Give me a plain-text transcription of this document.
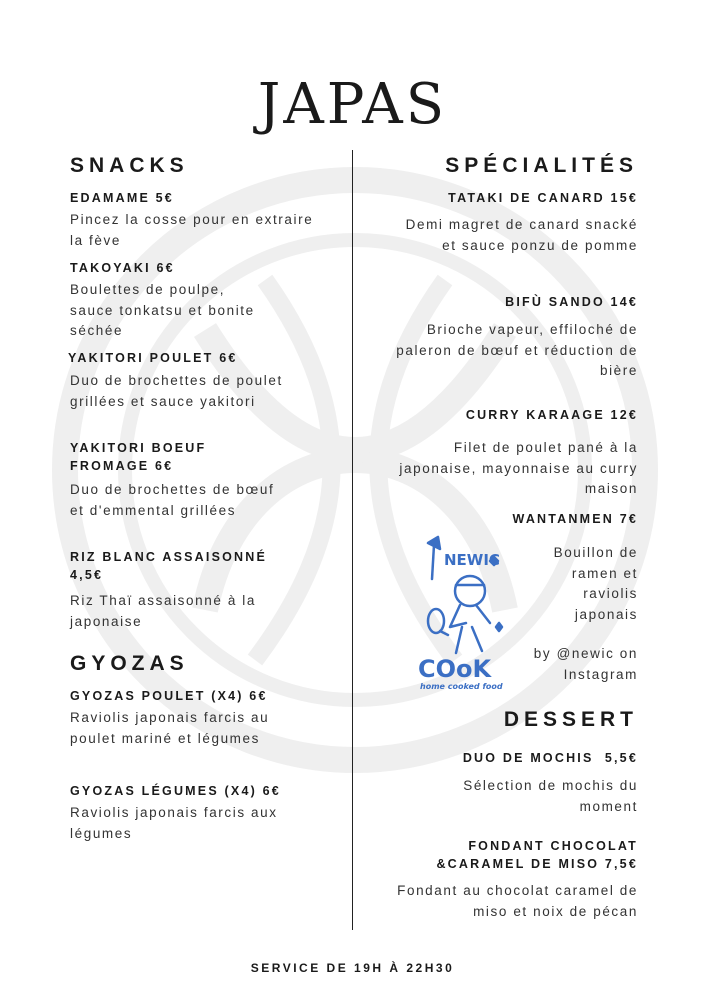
JAPAS
SNACKS
EDAMAME 5€
Pincez la cosse pour en extraire la fève
TAKOYAKI 6€
Boulettes de poulpe, sauce tonkatsu et bonite séchée
YAKITORI POULET 6€
Duo de brochettes de poulet grillées et sauce yakitori
YAKITORI BOEUF FROMAGE 6€
Duo de brochettes de bœuf et d'emmental grillées
RIZ BLANC ASSAISONNÉ 4,5€
Riz Thaï assaisonné à la japonaise
GYOZAS
GYOZAS POULET (X4) 6€
Raviolis japonais farcis au poulet mariné et légumes
GYOZAS LÉGUMES (X4) 6€
Raviolis japonais farcis aux légumes
SPÉCIALITÉS
TATAKI DE CANARD 15€
Demi magret de canard snacké et sauce ponzu de pomme
BIFÙ SANDO 14€
Brioche vapeur, effiloché de paleron de bœuf et réduction de bière
CURRY KARAAGE 12€
Filet de poulet pané à la japonaise, mayonnaise au curry maison
WANTANMEN 7€
Bouillon de ramen et raviolis japonais
by @newic on Instagram
DESSERT
DUO DE MOCHIS  5,5€
Sélection de mochis du moment
FONDANT CHOCOLAT &CARAMEL DE MISO 7,5€
Fondant au chocolat caramel de miso et noix de pécan
NEWIC
COoK
home cooked food
SERVICE DE 19H À 22H30
